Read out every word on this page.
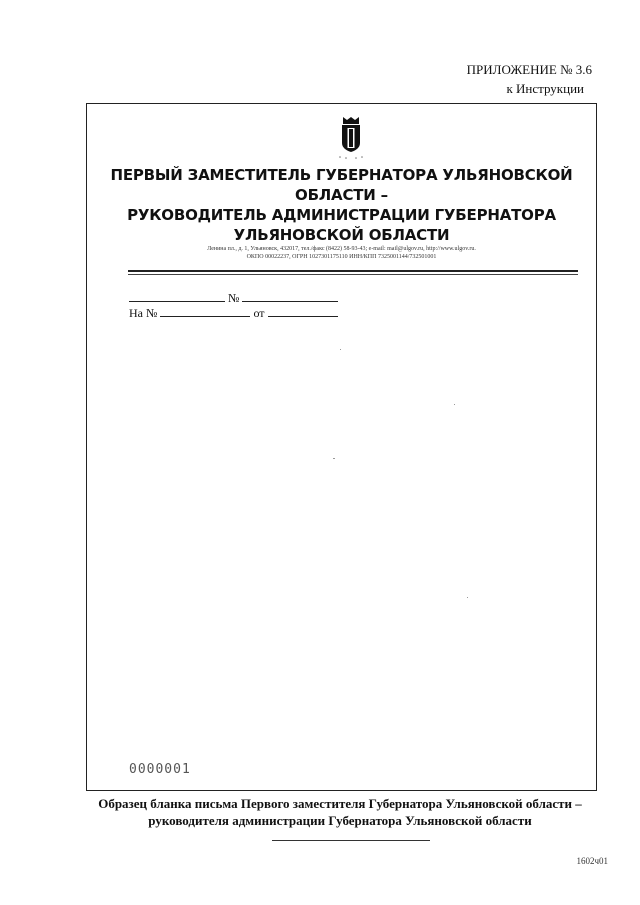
ПРИЛОЖЕНИЕ № 3.6
к Инструкции
ПЕРВЫЙ ЗАМЕСТИТЕЛЬ ГУБЕРНАТОРА УЛЬЯНОВСКОЙ ОБЛАСТИ –
РУКОВОДИТЕЛЬ АДМИНИСТРАЦИИ ГУБЕРНАТОРА
УЛЬЯНОВСКОЙ ОБЛАСТИ
Ленина пл., д. 1, Ульяновск, 432017, тел./факс (8422) 58-93-43; e-mail: mail@ulgov.ru, http://www.ulgov.ru.
ОКПО 00022237, ОГРН 1027301175110 ИНН/КПП 7325001144/732501001
№
На №	от
0000001
Образец бланка письма Первого заместителя Губернатора Ульяновской области –
руководителя администрации Губернатора Ульяновской области
1602ч01
